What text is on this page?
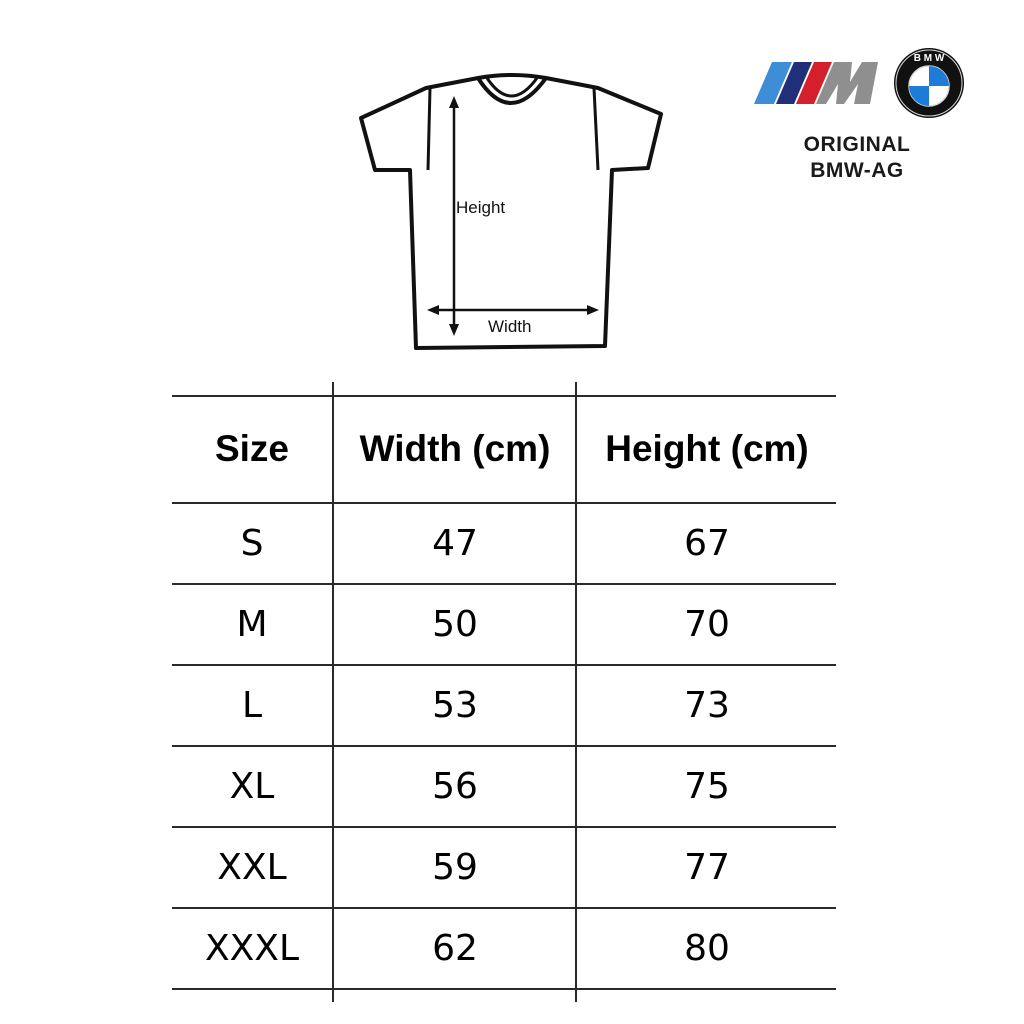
Height
Width
B M W
ORIGINAL
BMW-AG
Size	Width (cm)	Height (cm)
S	47	67
M	50	70
L	53	73
XL	56	75
XXL	59	77
XXXL	62	80
